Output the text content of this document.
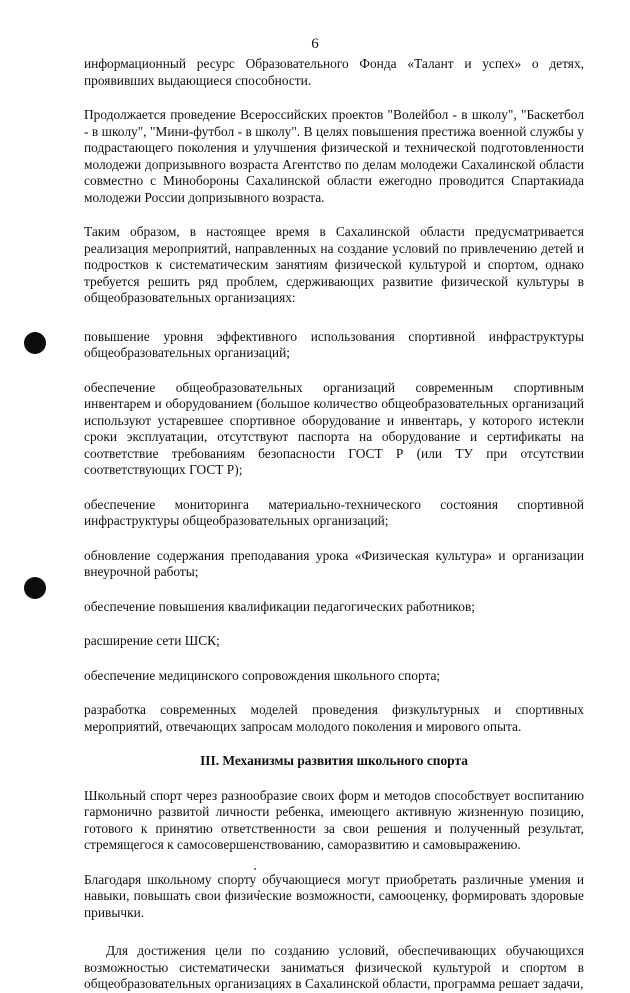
6

информационный ресурс Образовательного Фонда «Талант и успех» о детях, проявивших выдающиеся способности.

Продолжается проведение Всероссийских проектов "Волейбол - в школу", "Баскетбол - в школу", "Мини-футбол - в школу". В целях повышения престижа военной службы у подрастающего поколения и улучшения физической и технической подготовленности молодежи допризывного возраста Агентство по делам молодежи Сахалинской области совместно с Минобороны Сахалинской области ежегодно проводится Спартакиада молодежи России допризывного возраста.

Таким образом, в настоящее время в Сахалинской области предусматривается реализация мероприятий, направленных на создание условий по привлечению детей и подростков к систематическим занятиям физической культурой и спортом, однако требуется решить ряд проблем, сдерживающих развитие физической культуры в общеобразовательных организациях:

повышение уровня эффективного использования спортивной инфраструктуры общеобразовательных организаций;

обеспечение общеобразовательных организаций современным спортивным инвентарем и оборудованием (большое количество общеобразовательных организаций используют устаревшее спортивное оборудование и инвентарь, у которого истекли сроки эксплуатации, отсутствуют паспорта на оборудование и сертификаты на соответствие требованиям безопасности ГОСТ Р (или ТУ при отсутствии соответствующих ГОСТ Р);

обеспечение мониторинга материально-технического состояния спортивной инфраструктуры общеобразовательных организаций;

обновление содержания преподавания урока «Физическая культура» и организации внеурочной работы;

обеспечение повышения квалификации педагогических работников;

расширение сети ШСК;

обеспечение медицинского сопровождения школьного спорта;

разработка современных моделей проведения физкультурных и спортивных мероприятий, отвечающих запросам молодого поколения и мирового опыта.

III. Механизмы развития школьного спорта

Школьный спорт через разнообразие своих форм и методов способствует воспитанию гармонично развитой личности ребенка, имеющего активную жизненную позицию, готового к принятию ответственности за свои решения и полученный результат, стремящегося к самосовершенствованию, саморазвитию и самовыражению.

Благодаря школьному спорту обучающиеся могут приобретать различные умения и навыки, повышать свои физические возможности, самооценку, формировать здоровые привычки.

Для достижения цели по созданию условий, обеспечивающих обучающихся возможностью систематически заниматься физической культурой и спортом в общеобразовательных организациях в Сахалинской области, программа решает задачи,
